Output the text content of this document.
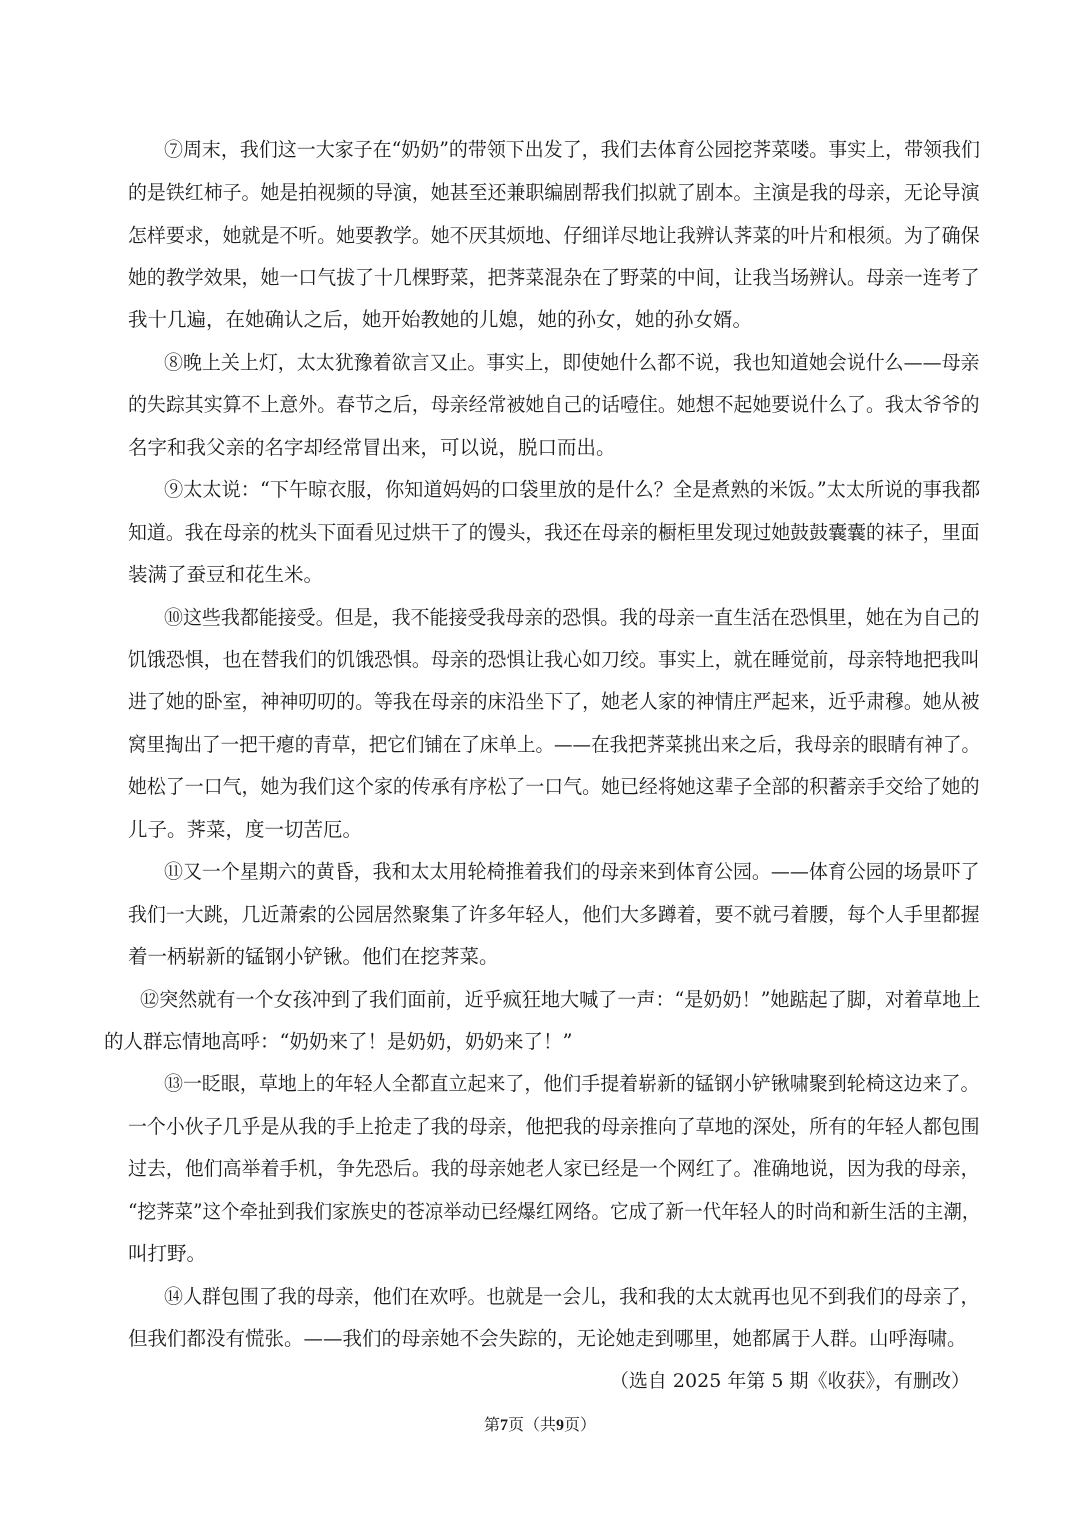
⑦周末，我们这一大家子在“奶奶”的带领下出发了，我们去体育公园挖荠菜喽。事实上，带领我们
的是铁红柿子。她是拍视频的导演，她甚至还兼职编剧帮我们拟就了剧本。主演是我的母亲，无论导演
怎样要求，她就是不听。她要教学。她不厌其烦地、仔细详尽地让我辨认荠菜的叶片和根须。为了确保
她的教学效果，她一口气拔了十几棵野菜，把荠菜混杂在了野菜的中间，让我当场辨认。母亲一连考了
我十几遍，在她确认之后，她开始教她的儿媳，她的孙女，她的孙女婿。
⑧晚上关上灯，太太犹豫着欲言又止。事实上，即使她什么都不说，我也知道她会说什么——母亲
的失踪其实算不上意外。春节之后，母亲经常被她自己的话噎住。她想不起她要说什么了。我太爷爷的
名字和我父亲的名字却经常冒出来，可以说，脱口而出。
⑨太太说：“下午晾衣服，你知道妈妈的口袋里放的是什么？全是煮熟的米饭。”太太所说的事我都
知道。我在母亲的枕头下面看见过烘干了的馒头，我还在母亲的橱柜里发现过她鼓鼓囊囊的袜子，里面
装满了蚕豆和花生米。
⑩这些我都能接受。但是，我不能接受我母亲的恐惧。我的母亲一直生活在恐惧里，她在为自己的
饥饿恐惧，也在替我们的饥饿恐惧。母亲的恐惧让我心如刀绞。事实上，就在睡觉前，母亲特地把我叫
进了她的卧室，神神叨叨的。等我在母亲的床沿坐下了，她老人家的神情庄严起来，近乎肃穆。她从被
窝里掏出了一把干瘪的青草，把它们铺在了床单上。——在我把荠菜挑出来之后，我母亲的眼睛有神了。
她松了一口气，她为我们这个家的传承有序松了一口气。她已经将她这辈子全部的积蓄亲手交给了她的
儿子。荠菜，度一切苦厄。
⑪又一个星期六的黄昏，我和太太用轮椅推着我们的母亲来到体育公园。——体育公园的场景吓了
我们一大跳，几近萧索的公园居然聚集了许多年轻人，他们大多蹲着，要不就弓着腰，每个人手里都握
着一柄崭新的锰钢小铲锹。他们在挖荠菜。
⑫突然就有一个女孩冲到了我们面前，近乎疯狂地大喊了一声：“是奶奶！”她踮起了脚，对着草地上
的人群忘情地高呼：“奶奶来了！是奶奶，奶奶来了！”
⑬一眨眼，草地上的年轻人全都直立起来了，他们手提着崭新的锰钢小铲锹啸聚到轮椅这边来了。
一个小伙子几乎是从我的手上抢走了我的母亲，他把我的母亲推向了草地的深处，所有的年轻人都包围
过去，他们高举着手机，争先恐后。我的母亲她老人家已经是一个网红了。准确地说，因为我的母亲，
“挖荠菜”这个牵扯到我们家族史的苍凉举动已经爆红网络。它成了新一代年轻人的时尚和新生活的主潮，
叫打野。
⑭人群包围了我的母亲，他们在欢呼。也就是一会儿，我和我的太太就再也见不到我们的母亲了，
但我们都没有慌张。——我们的母亲她不会失踪的，无论她走到哪里，她都属于人群。山呼海啸。
（选自 2025 年第 5 期《收获》，有删改）
第7页（共9页）
